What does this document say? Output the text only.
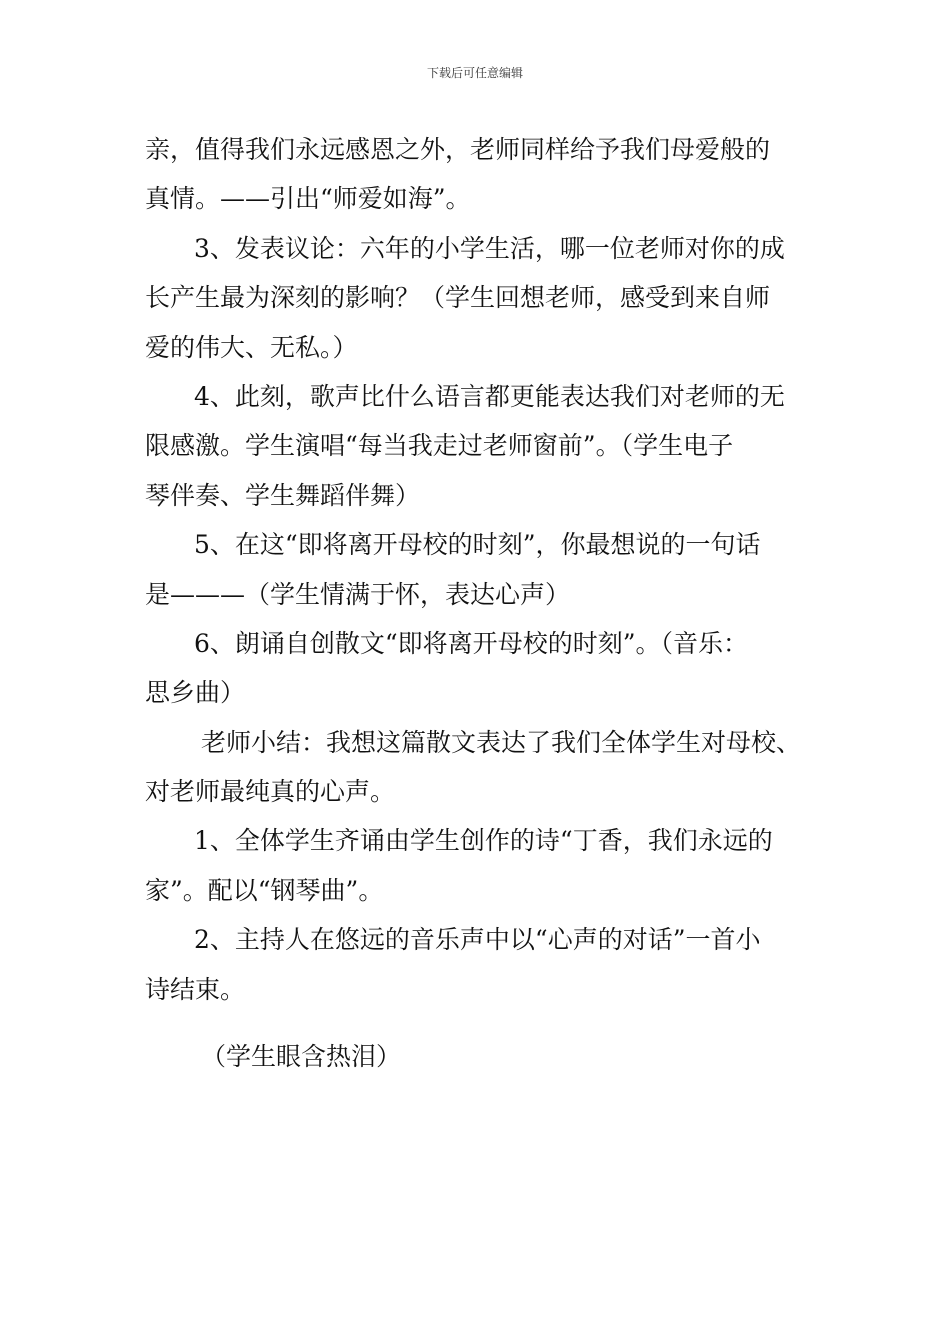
下载后可任意编辑
亲，值得我们永远感恩之外，老师同样给予我们母爱般的
真情。——引出“师爱如海”。
3、发表议论：六年的小学生活，哪一位老师对你的成
长产生最为深刻的影响？（学生回想老师，感受到来自师
爱的伟大、无私。）
4、此刻，歌声比什么语言都更能表达我们对老师的无
限感激。学生演唱“每当我走过老师窗前”。（学生电子
琴伴奏、学生舞蹈伴舞）
5、在这“即将离开母校的时刻”，你最想说的一句话
是———（学生情满于怀，表达心声）
6、朗诵自创散文“即将离开母校的时刻”。（音乐：
思乡曲）
老师小结：我想这篇散文表达了我们全体学生对母校、
对老师最纯真的心声。
1、全体学生齐诵由学生创作的诗“丁香，我们永远的
家”。配以“钢琴曲”。
2、主持人在悠远的音乐声中以“心声的对话”一首小
诗结束。
（学生眼含热泪）
